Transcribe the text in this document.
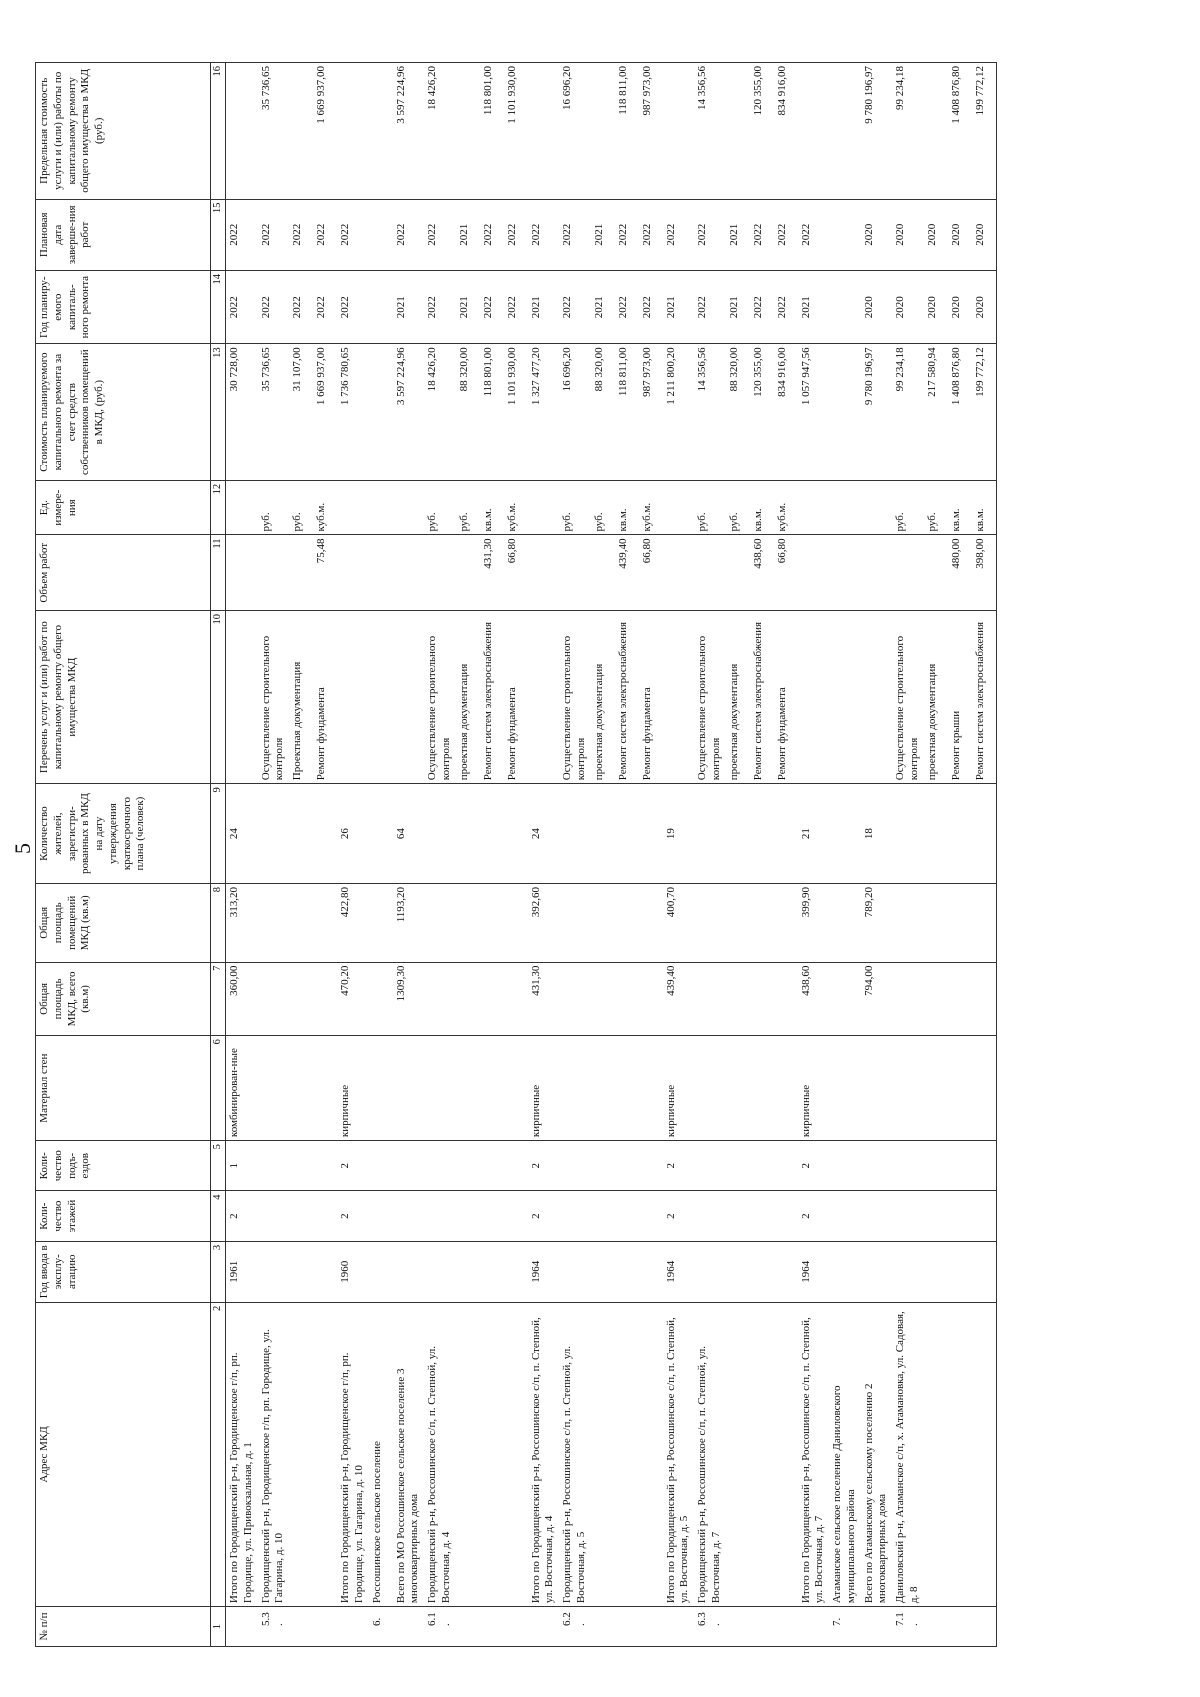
5
№ п/п	Адрес МКД	Год ввода в эксплу-атацию	Коли-чество этажей	Коли-чество подъ-ездов	Материал стен	Общая площадь МКД, всего (кв.м)	Общая площадь помещений МКД (кв.м)	Количество жителей, зарегистри-рованных в МКД на дату утверждения краткосрочного плана (человек)	Перечень услуг и (или) работ по капитальному ремонту общего имущества МКД	Объем работ	Ед. измере-ния	Стоимость планируемого капитального ремонта за счет средств собственников помещений в МКД, (руб.)	Год планиру-емого капиталь-ного ремонта	Плановая дата заверше-ния работ	Предельная стоимость услуги и (или) работы по капитальному ремонту общего имущества в МКД (руб.)
1	2	3	4	5	6	7	8	9	10	11	12	13	14	15	16
	Итого по Городищенский р-н, Городищенское г/п, рп. Городище, ул. Привокзальная, д. 1	1961	2	1	комбинирован-ные	360,00	313,20	24				30 728,00	2022	2022	
5.3.	Городищенский р-н, Городищенское г/п, рп. Городище, ул. Гагарина, д. 10								Осуществление строительного контроля		руб.	35 736,65	2022	2022	35 736,65
									Проектная документация		руб.	31 107,00	2022	2022	
									Ремонт фундамента	75,48	куб.м.	1 669 937,00	2022	2022	1 669 937,00
	Итого по Городищенский р-н, Городищенское г/п, рп. Городище, ул. Гагарина, д. 10	1960	2	2	кирпичные	470,20	422,80	26				1 736 780,65	2022	2022	
6.	Россошинское сельское поселение														
	Всего по МО Россошинское сельское поселение 3 многоквартирных дома					1309,30	1193,20	64				3 597 224,96	2021	2022	3 597 224,96
6.1.	Городищенский р-н, Россошинское с/п, п. Степной, ул. Восточная, д. 4								Осуществление строительного контроля		руб.	18 426,20	2022	2022	18 426,20
									проектная документация		руб.	88 320,00	2021	2021	
									Ремонт систем электроснабжения	431,30	кв.м.	118 801,00	2022	2022	118 801,00
									Ремонт фундамента	66,80	куб.м.	1 101 930,00	2022	2022	1 101 930,00
	Итого по Городищенский р-н, Россошинское с/п, п. Степной, ул. Восточная, д. 4	1964	2	2	кирпичные	431,30	392,60	24				1 327 477,20	2021	2022	
6.2.	Городищенский р-н, Россошинское с/п, п. Степной, ул. Восточная, д. 5								Осуществление строительного контроля		руб.	16 696,20	2022	2022	16 696,20
									проектная документация		руб.	88 320,00	2021	2021	
									Ремонт систем электроснабжения	439,40	кв.м.	118 811,00	2022	2022	118 811,00
									Ремонт фундамента	66,80	куб.м.	987 973,00	2022	2022	987 973,00
	Итого по Городищенский р-н, Россошинское с/п, п. Степной, ул. Восточная, д. 5	1964	2	2	кирпичные	439,40	400,70	19				1 211 800,20	2021	2022	
6.3.	Городищенский р-н, Россошинское с/п, п. Степной, ул. Восточная, д. 7								Осуществление строительного контроля		руб.	14 356,56	2022	2022	14 356,56
									проектная документация		руб.	88 320,00	2021	2021	
									Ремонт систем электроснабжения	438,60	кв.м.	120 355,00	2022	2022	120 355,00
									Ремонт фундамента	66,80	куб.м.	834 916,00	2022	2022	834 916,00
	Итого по Городищенский р-н, Россошинское с/п, п. Степной, ул. Восточная, д. 7	1964	2	2	кирпичные	438,60	399,90	21				1 057 947,56	2021	2022	
7.	Атаманское сельское поселение Даниловского муниципального района														
	Всего по Атаманскому сельскому поселению 2 многоквартирных дома					794,00	789,20	18				9 780 196,97	2020	2020	9 780 196,97
7.1.	Даниловский р-н, Атаманское с/п, х. Атамановка, ул. Садовая, д. 8								Осуществление строительного контроля		руб.	99 234,18	2020	2020	99 234,18
									проектная документация		руб.	217 580,94	2020	2020	
									Ремонт крыши	480,00	кв.м.	1 408 876,80	2020	2020	1 408 876,80
									Ремонт систем электроснабжения	398,00	кв.м.	199 772,12	2020	2020	199 772,12
